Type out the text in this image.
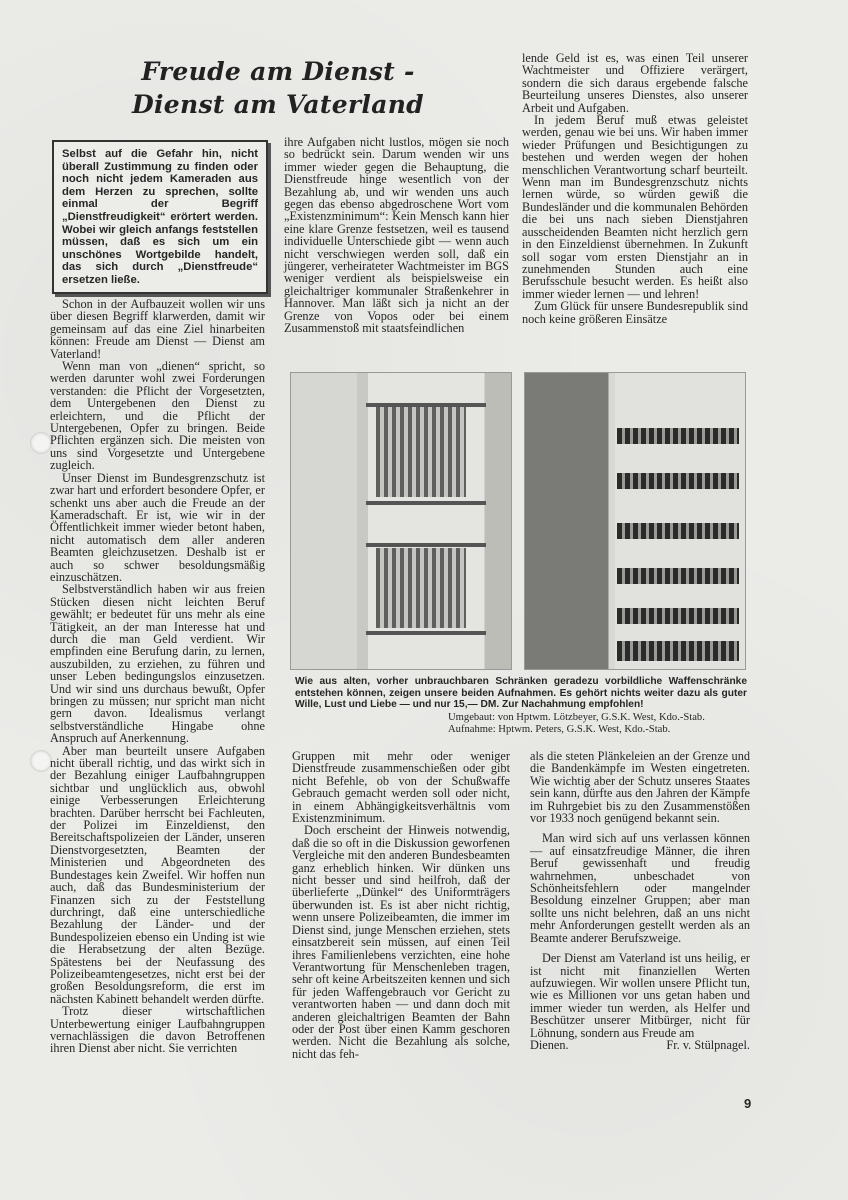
Freude am Dienst -
Dienst am Vaterland
Selbst auf die Gefahr hin, nicht überall Zustimmung zu finden oder noch nicht jedem Kameraden aus dem Herzen zu sprechen, sollte einmal der Begriff „Dienstfreudigkeit“ erörtert werden. Wobei wir gleich anfangs feststellen müssen, daß es sich um ein unschönes Wortgebilde handelt, das sich durch „Dienstfreude“ ersetzen ließe.

Schon in der Aufbauzeit wollen wir uns über diesen Begriff klarwerden, damit wir gemeinsam auf das eine Ziel hinarbeiten können: Freude am Dienst — Dienst am Vaterland!

Wenn man von „dienen“ spricht, so werden darunter wohl zwei Forderungen verstanden: die Pflicht der Vorgesetzten, dem Untergebenen den Dienst zu erleichtern, und die Pflicht der Untergebenen, Opfer zu bringen. Beide Pflichten ergänzen sich. Die meisten von uns sind Vorgesetzte und Untergebene zugleich.

Unser Dienst im Bundesgrenzschutz ist zwar hart und erfordert besondere Opfer, er schenkt uns aber auch die Freude an der Kameradschaft. Er ist, wie wir in der Öffentlichkeit immer wieder betont haben, nicht automatisch dem aller anderen Beamten gleichzusetzen. Deshalb ist er auch so schwer besoldungsmäßig einzuschätzen.

Selbstverständlich haben wir aus freien Stücken diesen nicht leichten Beruf gewählt; er bedeutet für uns mehr als eine Tätigkeit, an der man Interesse hat und durch die man Geld verdient. Wir empfinden eine Berufung darin, zu lernen, auszubilden, zu erziehen, zu führen und unser Leben bedingungslos einzusetzen. Und wir sind uns durchaus bewußt, Opfer bringen zu müssen; nur spricht man nicht gern davon. Idealismus verlangt selbstverständliche Hingabe ohne Anspruch auf Anerkennung.

Aber man beurteilt unsere Aufgaben nicht überall richtig, und das wirkt sich in der Bezahlung einiger Laufbahngruppen sichtbar und unglücklich aus, obwohl einige Verbesserungen Erleichterung brachten. Darüber herrscht bei Fachleuten, der Polizei im Einzeldienst, den Bereitschaftspolizeien der Länder, unseren Dienstvorgesetzten, Beamten der Ministerien und Abgeordneten des Bundestages kein Zweifel. Wir hoffen nun auch, daß das Bundesministerium der Finanzen sich zu der Feststellung durchringt, daß eine unterschiedliche Bezahlung der Länder- und der Bundespolizeien ebenso ein Unding ist wie die Herabsetzung der alten Bezüge. Spätestens bei der Neufassung des Polizeibeamtengesetzes, nicht erst bei der großen Besoldungsreform, die erst im nächsten Kabinett behandelt werden dürfte.

Trotz dieser wirtschaftlichen Unterbewertung einiger Laufbahngruppen vernachlässigen die davon Betroffenen ihren Dienst aber nicht. Sie verrichten

ihre Aufgaben nicht lustlos, mögen sie noch so bedrückt sein. Darum wenden wir uns immer wieder gegen die Behauptung, die Dienstfreude hinge wesentlich von der Bezahlung ab, und wir wenden uns auch gegen das ebenso abgedroschene Wort vom „Existenzminimum“: Kein Mensch kann hier eine klare Grenze festsetzen, weil es tausend individuelle Unterschiede gibt — wenn auch nicht verschwiegen werden soll, daß ein jüngerer, verheirateter Wachtmeister im BGS weniger verdient als beispielsweise ein gleichaltriger kommunaler Straßenkehrer in Hannover. Man läßt sich ja nicht an der Grenze von Vopos oder bei einem Zusammenstoß mit staatsfeindlichen

lende Geld ist es, was einen Teil unserer Wachtmeister und Offiziere verärgert, sondern die sich daraus ergebende falsche Beurteilung unseres Dienstes, also unserer Arbeit und Aufgaben.

In jedem Beruf muß etwas geleistet werden, genau wie bei uns. Wir haben immer wieder Prüfungen und Besichtigungen zu bestehen und werden wegen der hohen menschlichen Verantwortung scharf beurteilt. Wenn man im Bundesgrenzschutz nichts lernen würde, so würden gewiß die Bundesländer und die kommunalen Behörden die bei uns nach sieben Dienstjahren ausscheidenden Beamten nicht herzlich gern in den Einzeldienst übernehmen. In Zukunft soll sogar vom ersten Dienstjahr an in zunehmenden Stunden auch eine Berufsschule besucht werden. Es heißt also immer wieder lernen — und lehren!

Zum Glück für unsere Bundesrepublik sind noch keine größeren Einsätze

Wie aus alten, vorher unbrauchbaren Schränken geradezu vorbildliche Waffenschränke entstehen können, zeigen unsere beiden Aufnahmen. Es gehört nichts weiter dazu als guter Wille, Lust und Liebe — und nur 15,— DM. Zur Nachahmung empfohlen!
Umgebaut: von Hptwm. Lötzbeyer, G.S.K. West, Kdo.-Stab.
Aufnahme: Hptwm. Peters, G.S.K. West, Kdo.-Stab.

Gruppen mit mehr oder weniger Dienstfreude zusammenschießen oder gibt nicht Befehle, ob von der Schußwaffe Gebrauch gemacht werden soll oder nicht, in einem Abhängigkeitsverhältnis vom Existenzminimum.

Doch erscheint der Hinweis notwendig, daß die so oft in die Diskussion geworfenen Vergleiche mit den anderen Bundesbeamten ganz erheblich hinken. Wir dünken uns nicht besser und sind heilfroh, daß der überlieferte „Dünkel“ des Uniformträgers überwunden ist. Es ist aber nicht richtig, wenn unsere Polizeibeamten, die immer im Dienst sind, junge Menschen erziehen, stets einsatzbereit sein müssen, auf einen Teil ihres Familienlebens verzichten, eine hohe Verantwortung für Menschenleben tragen, sehr oft keine Arbeitszeiten kennen und sich für jeden Waffengebrauch vor Gericht zu verantworten haben — und dann doch mit anderen gleichaltrigen Beamten der Bahn oder der Post über einen Kamm geschoren werden. Nicht die Bezahlung als solche, nicht das feh-

als die steten Plänkeleien an der Grenze und die Bandenkämpfe im Westen eingetreten. Wie wichtig aber der Schutz unseres Staates sein kann, dürfte aus den Jahren der Kämpfe im Ruhrgebiet bis zu den Zusammenstößen vor 1933 noch genügend bekannt sein.

Man wird sich auf uns verlassen können — auf einsatzfreudige Männer, die ihren Beruf gewissenhaft und freudig wahrnehmen, unbeschadet von Schönheitsfehlern oder mangelnder Besoldung einzelner Gruppen; aber man sollte uns nicht belehren, daß an uns nicht mehr Anforderungen gestellt werden als an Beamte anderer Berufszweige.

Der Dienst am Vaterland ist uns heilig, er ist nicht mit finanziellen Werten aufzuwiegen. Wir wollen unsere Pflicht tun, wie es Millionen vor uns getan haben und immer wieder tun werden, als Helfer und Beschützer unserer Mitbürger, nicht für Löhnung, sondern aus Freude am

Dienen.	Fr. v. Stülpnagel.
9
